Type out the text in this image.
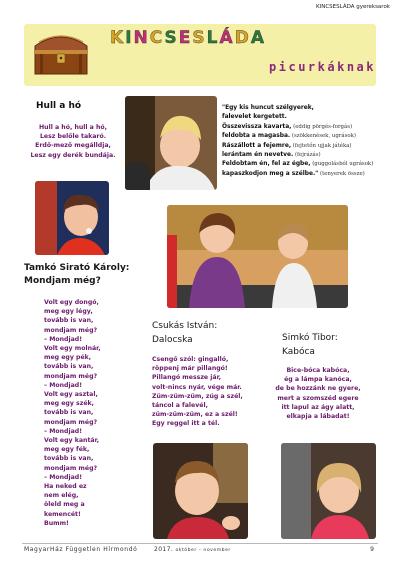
KINCSESLÁDA gyereksarok
KINCSESLÁDA
picurkáknak
Hull a hó
Hull a hó, hull a hó,
Lesz belőle takaró.
Erdő-mező megálldja,
Lesz egy derék bundája.
"Egy kis huncut szélgyerek,
falevelet kergetett.
Összevissza kavarta, (eddig pörgés-forgás)
feldobta a magasba. (szökkenések, ugrások)
Rászállott a fejemre, (fejtetőn ujjak játéka)
lerántam én nevetve. (fejrázás)
Feldobtam én, fel az égbe, (guggolásból ugrások)
kapaszkodjon meg a szélbe." (tenyerek össze)
Tamkó Sirató Károly:
Mondjam még?
Volt egy dongó,
meg egy légy,
tovább is van,
mondjam még?
– Mondjad!
Volt egy molnár,
meg egy pék,
tovább is van,
mondjam még?
– Mondjad!
Volt egy asztal,
meg egy szék,
tovább is van,
mondjam még?
– Mondjad!
Volt egy kantár,
meg egy fék,
tovább is van,
mondjam még?
– Mondjad!
Ha neked ez
nem elég,
öleld meg a
kemencét!
Bumm!
Csukás István:
Dalocska
Csengő szól: gingalló,
röppenj már pillangó!
Pillangó messze jár,
volt-nincs nyár, vége már.
Züm-züm-züm, zúg a szél,
táncol a falevél,
züm-züm-züm, ez a szél!
Egy reggel itt a tél.
Simkó Tibor:
Kabóca
Bice-bóca kabóca,
ég a lámpa kanóca,
de be hozzánk ne gyere,
mert a szomszéd egere
itt lapul az ágy alatt,
elkapja a lábadat!
MagyarHáz Független Hírmondó	2017. október – november	9
